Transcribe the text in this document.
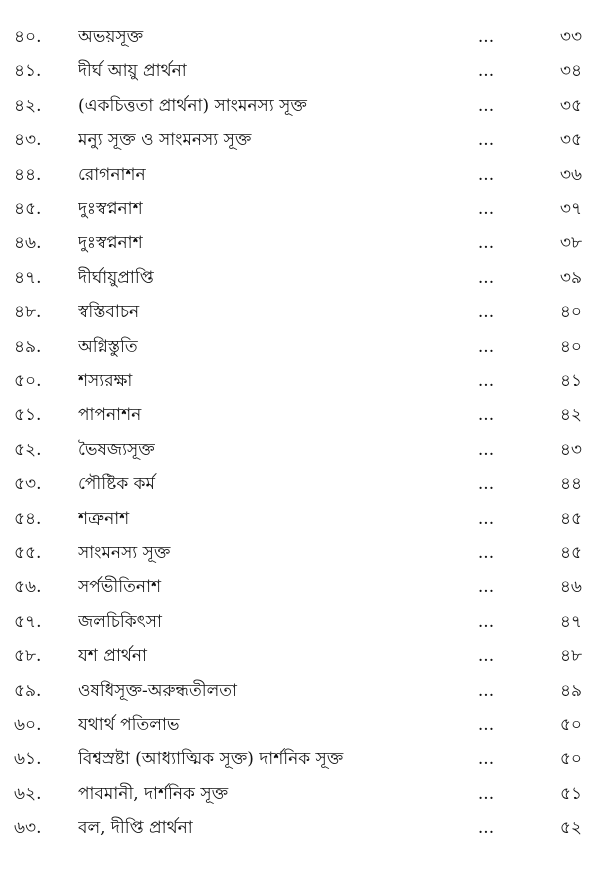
৪০.	অভয়সূক্ত	...	৩৩
৪১.	দীর্ঘ আয়ু প্রার্থনা	...	৩৪
৪২.	(একচিত্ততা প্রার্থনা) সাংমনস্য সূক্ত	...	৩৫
৪৩.	মন্যু সূক্ত ও সাংমনস্য সূক্ত	...	৩৫
৪৪.	রোগনাশন	...	৩৬
৪৫.	দুঃস্বপ্ননাশ	...	৩৭
৪৬.	দুঃস্বপ্ননাশ	...	৩৮
৪৭.	দীর্ঘায়ুপ্রাপ্তি	...	৩৯
৪৮.	স্বস্তিবাচন	...	৪০
৪৯.	অগ্নিস্তুতি	...	৪০
৫০.	শস্যরক্ষা	...	৪১
৫১.	পাপনাশন	...	৪২
৫২.	ভৈষজ্যসূক্ত	...	৪৩
৫৩.	পৌষ্টিক কর্ম	...	৪৪
৫৪.	শত্রুনাশ	...	৪৫
৫৫.	সাংমনস্য সূক্ত	...	৪৫
৫৬.	সর্পভীতিনাশ	...	৪৬
৫৭.	জলচিকিৎসা	...	৪৭
৫৮.	যশ প্রার্থনা	...	৪৮
৫৯.	ওষধিসূক্ত-অরুন্ধতীলতা	...	৪৯
৬০.	যথার্থ পতিলাভ	...	৫০
৬১.	বিশ্বস্রষ্টা (আধ্যাত্মিক সূক্ত) দার্শনিক সূক্ত	...	৫০
৬২.	পাবমানী, দার্শনিক সূক্ত	...	৫১
৬৩.	বল, দীপ্তি প্রার্থনা	...	৫২
